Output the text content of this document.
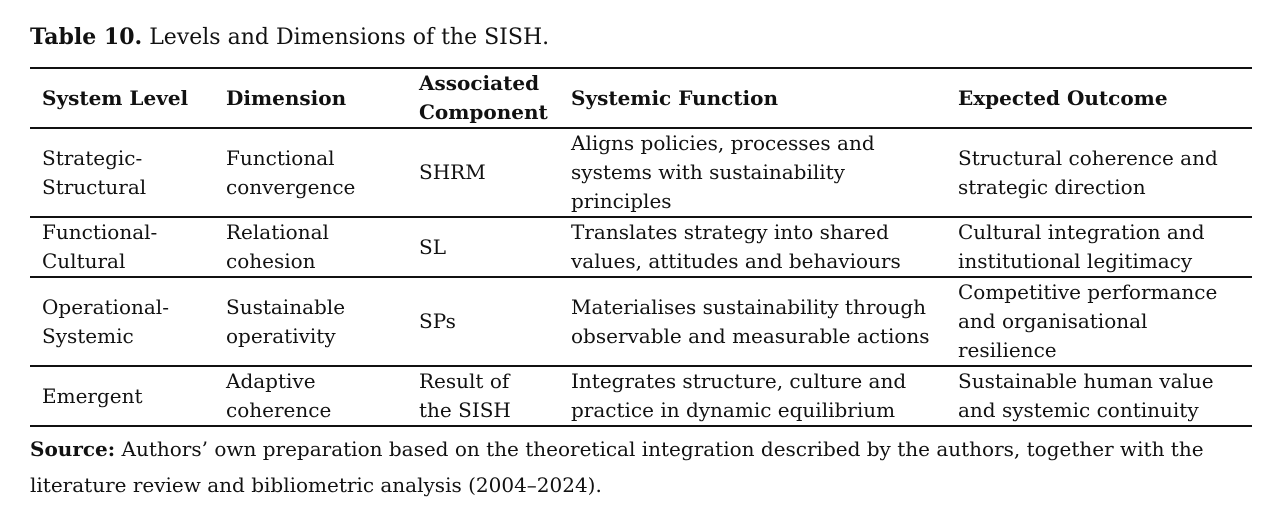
Table 10. Levels and Dimensions of the SISH.
System Level	Dimension	Associated Component	Systemic Function	Expected Outcome
Strategic-Structural	Functional convergence	SHRM	Aligns policies, processes and systems with sustainability principles	Structural coherence and strategic direction
Functional-Cultural	Relational cohesion	SL	Translates strategy into shared values, attitudes and behaviours	Cultural integration and institutional legitimacy
Operational-Systemic	Sustainable operativity	SPs	Materialises sustainability through observable and measurable actions	Competitive performance and organisational resilience
Emergent	Adaptive coherence	Result of the SISH	Integrates structure, culture and practice in dynamic equilibrium	Sustainable human value and systemic continuity
Source: Authors’ own preparation based on the theoretical integration described by the authors, together with the literature review and bibliometric analysis (2004–2024).
